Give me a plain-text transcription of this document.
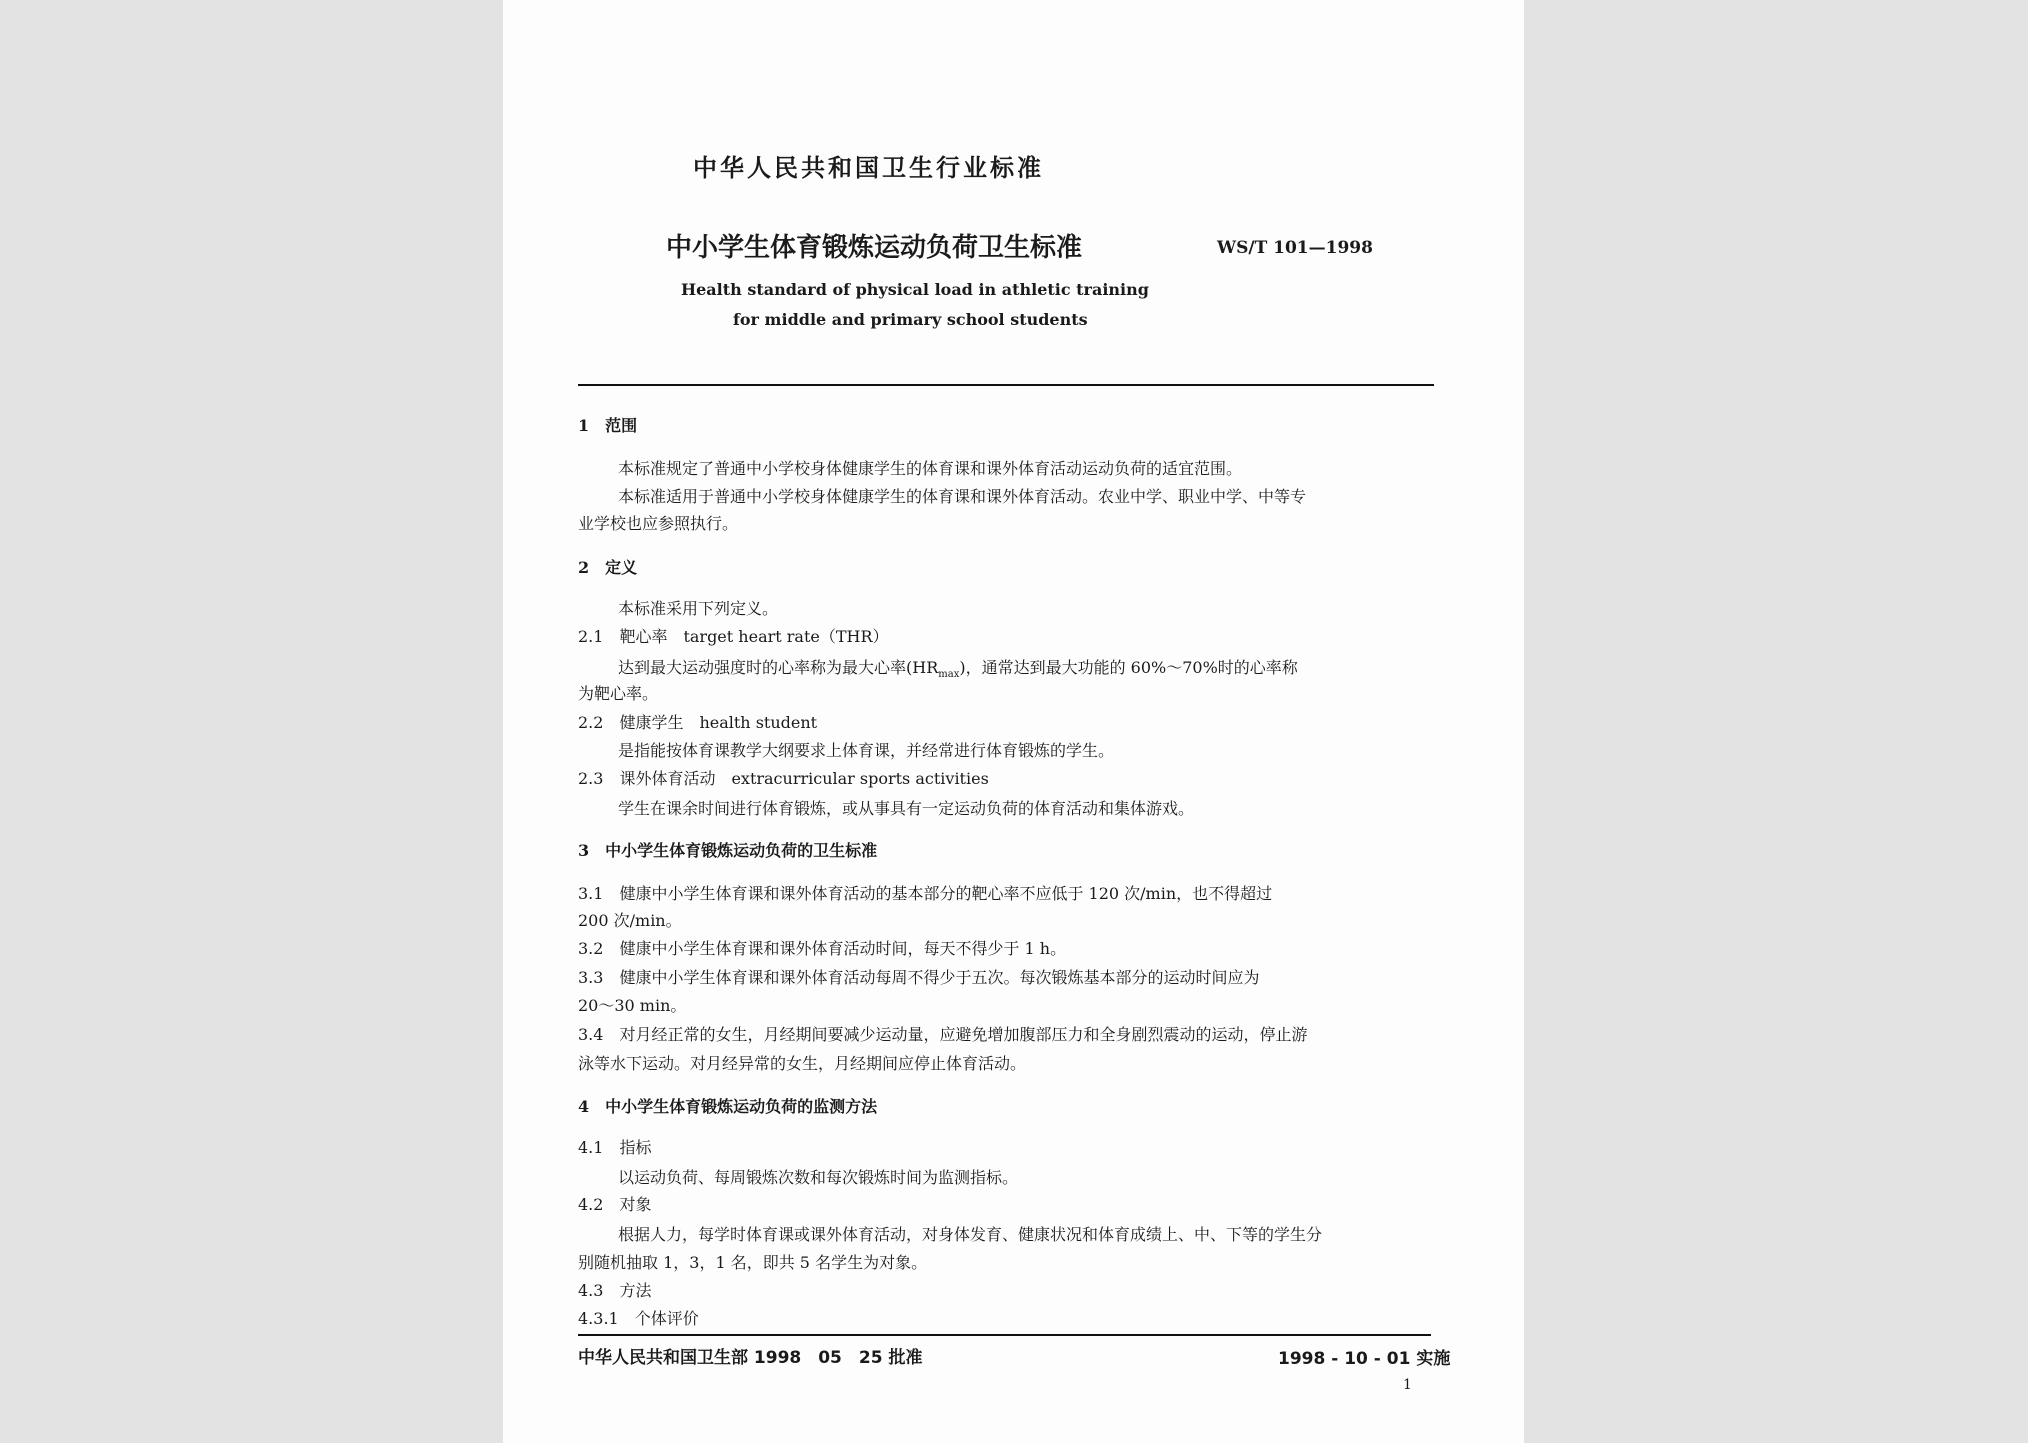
中华人民共和国卫生行业标准
中小学生体育锻炼运动负荷卫生标准	WS/T 101—1998
Health standard of physical load in athletic training
for middle and primary school students
1　范围
本标准规定了普通中小学校身体健康学生的体育课和课外体育活动运动负荷的适宜范围。
本标准适用于普通中小学校身体健康学生的体育课和课外体育活动。农业中学、职业中学、中等专
业学校也应参照执行。
2　定义
本标准采用下列定义。
2.1　靶心率　target heart rate（THR）
达到最大运动强度时的心率称为最大心率$(HR_{max})$，通常达到最大功能的 60%～70%时的心率称
为靶心率。
2.2　健康学生　health student
是指能按体育课教学大纲要求上体育课，并经常进行体育锻炼的学生。
2.3　课外体育活动　extracurricular sports activities
学生在课余时间进行体育锻炼，或从事具有一定运动负荷的体育活动和集体游戏。
3　中小学生体育锻炼运动负荷的卫生标准
3.1　健康中小学生体育课和课外体育活动的基本部分的靶心率不应低于 120 次/min，也不得超过
200 次/min。
3.2　健康中小学生体育课和课外体育活动时间，每天不得少于 1 h。
3.3　健康中小学生体育课和课外体育活动每周不得少于五次。每次锻炼基本部分的运动时间应为
20～30 min。
3.4　对月经正常的女生，月经期间要减少运动量，应避免增加腹部压力和全身剧烈震动的运动，停止游
泳等水下运动。对月经异常的女生，月经期间应停止体育活动。
4　中小学生体育锻炼运动负荷的监测方法
4.1　指标
以运动负荷、每周锻炼次数和每次锻炼时间为监测指标。
4.2　对象
根据人力，每学时体育课或课外体育活动，对身体发育、健康状况和体育成绩上、中、下等的学生分
别随机抽取 1，3，1 名，即共 5 名学生为对象。
4.3　方法
4.3.1　个体评价
中华人民共和国卫生部 1998　05　25 批准	1998 - 10 - 01 实施
1
